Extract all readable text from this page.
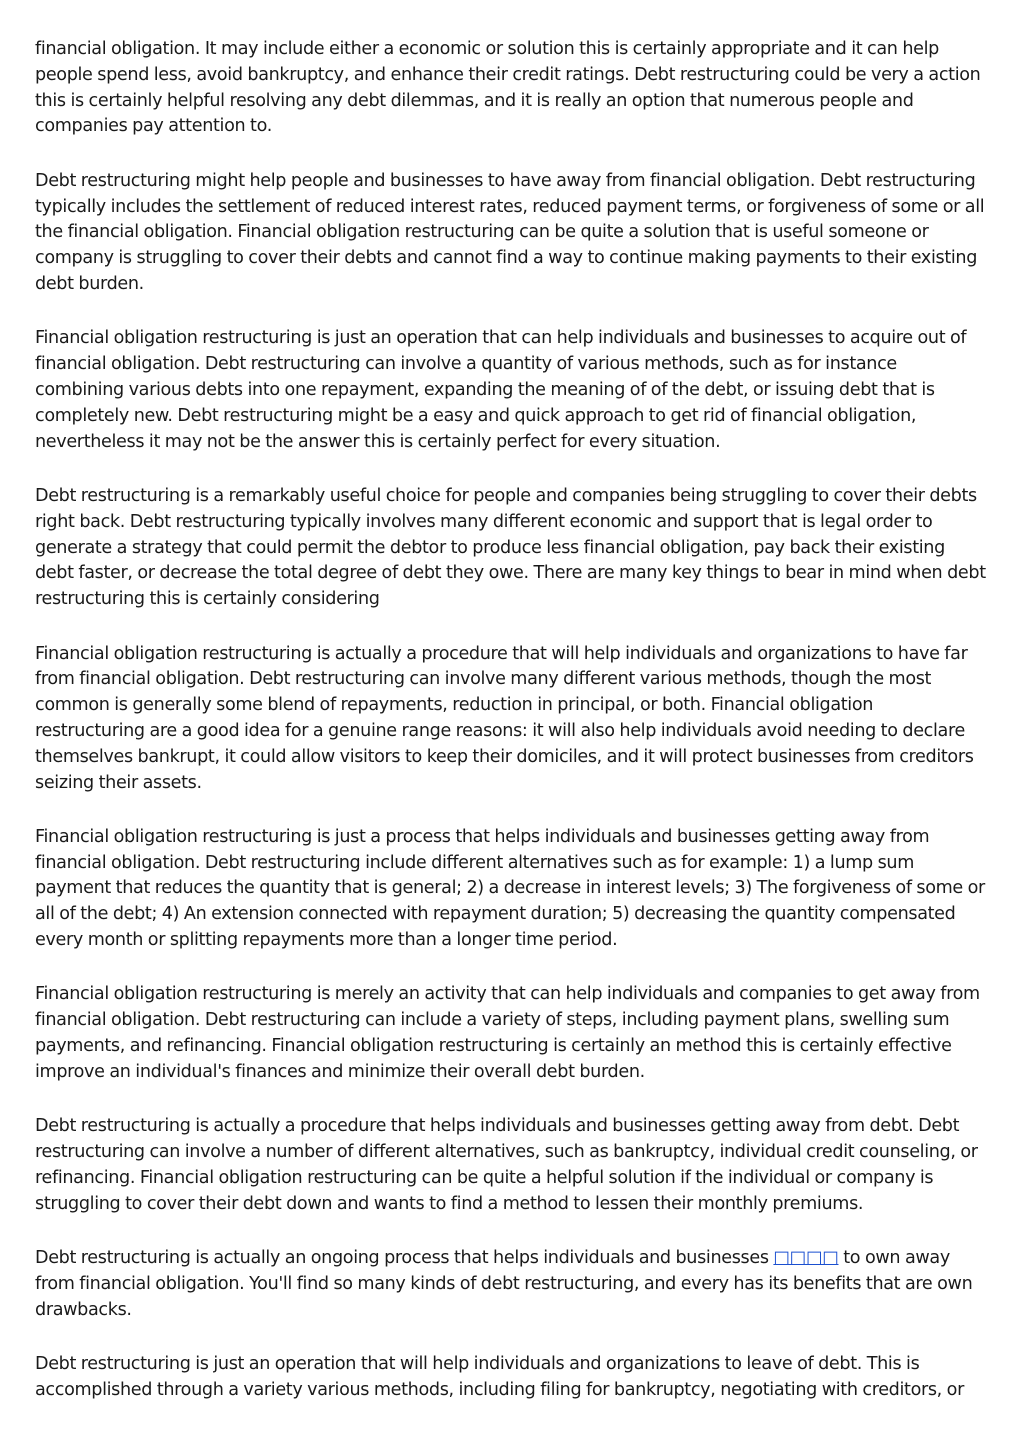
financial obligation. It may include either a economic or solution this is certainly appropriate and it can help people spend less, avoid bankruptcy, and enhance their credit ratings. Debt restructuring could be very a action this is certainly helpful resolving any debt dilemmas, and it is really an option that numerous people and companies pay attention to.

Debt restructuring might help people and businesses to have away from financial obligation. Debt restructuring typically includes the settlement of reduced interest rates, reduced payment terms, or forgiveness of some or all the financial obligation. Financial obligation restructuring can be quite a solution that is useful someone or company is struggling to cover their debts and cannot find a way to continue making payments to their existing debt burden.

Financial obligation restructuring is just an operation that can help individuals and businesses to acquire out of financial obligation. Debt restructuring can involve a quantity of various methods, such as for instance combining various debts into one repayment, expanding the meaning of of the debt, or issuing debt that is completely new. Debt restructuring might be a easy and quick approach to get rid of financial obligation, nevertheless it may not be the answer this is certainly perfect for every situation.

Debt restructuring is a remarkably useful choice for people and companies being struggling to cover their debts right back. Debt restructuring typically involves many different economic and support that is legal order to generate a strategy that could permit the debtor to produce less financial obligation, pay back their existing debt faster, or decrease the total degree of debt they owe. There are many key things to bear in mind when debt restructuring this is certainly considering

Financial obligation restructuring is actually a procedure that will help individuals and organizations to have far from financial obligation. Debt restructuring can involve many different various methods, though the most common is generally some blend of repayments, reduction in principal, or both. Financial obligation restructuring are a good idea for a genuine range reasons: it will also help individuals avoid needing to declare themselves bankrupt, it could allow visitors to keep their domiciles, and it will protect businesses from creditors seizing their assets.

Financial obligation restructuring is just a process that helps individuals and businesses getting away from financial obligation. Debt restructuring include different alternatives such as for example: 1) a lump sum payment that reduces the quantity that is general; 2) a decrease in interest levels; 3) The forgiveness of some or all of the debt; 4) An extension connected with repayment duration; 5) decreasing the quantity compensated every month or splitting repayments more than a longer time period.

Financial obligation restructuring is merely an activity that can help individuals and companies to get away from financial obligation. Debt restructuring can include a variety of steps, including payment plans, swelling sum payments, and refinancing. Financial obligation restructuring is certainly an method this is certainly effective improve an individual's finances and minimize their overall debt burden.

Debt restructuring is actually a procedure that helps individuals and businesses getting away from debt. Debt restructuring can involve a number of different alternatives, such as bankruptcy, individual credit counseling, or refinancing. Financial obligation restructuring can be quite a helpful solution if the individual or company is struggling to cover their debt down and wants to find a method to lessen their monthly premiums.

Debt restructuring is actually an ongoing process that helps individuals and businesses □□□□ to own away from financial obligation. You'll find so many kinds of debt restructuring, and every has its benefits that are own drawbacks.

Debt restructuring is just an operation that will help individuals and organizations to leave of debt. This is accomplished through a variety various methods, including filing for bankruptcy, negotiating with creditors, or
